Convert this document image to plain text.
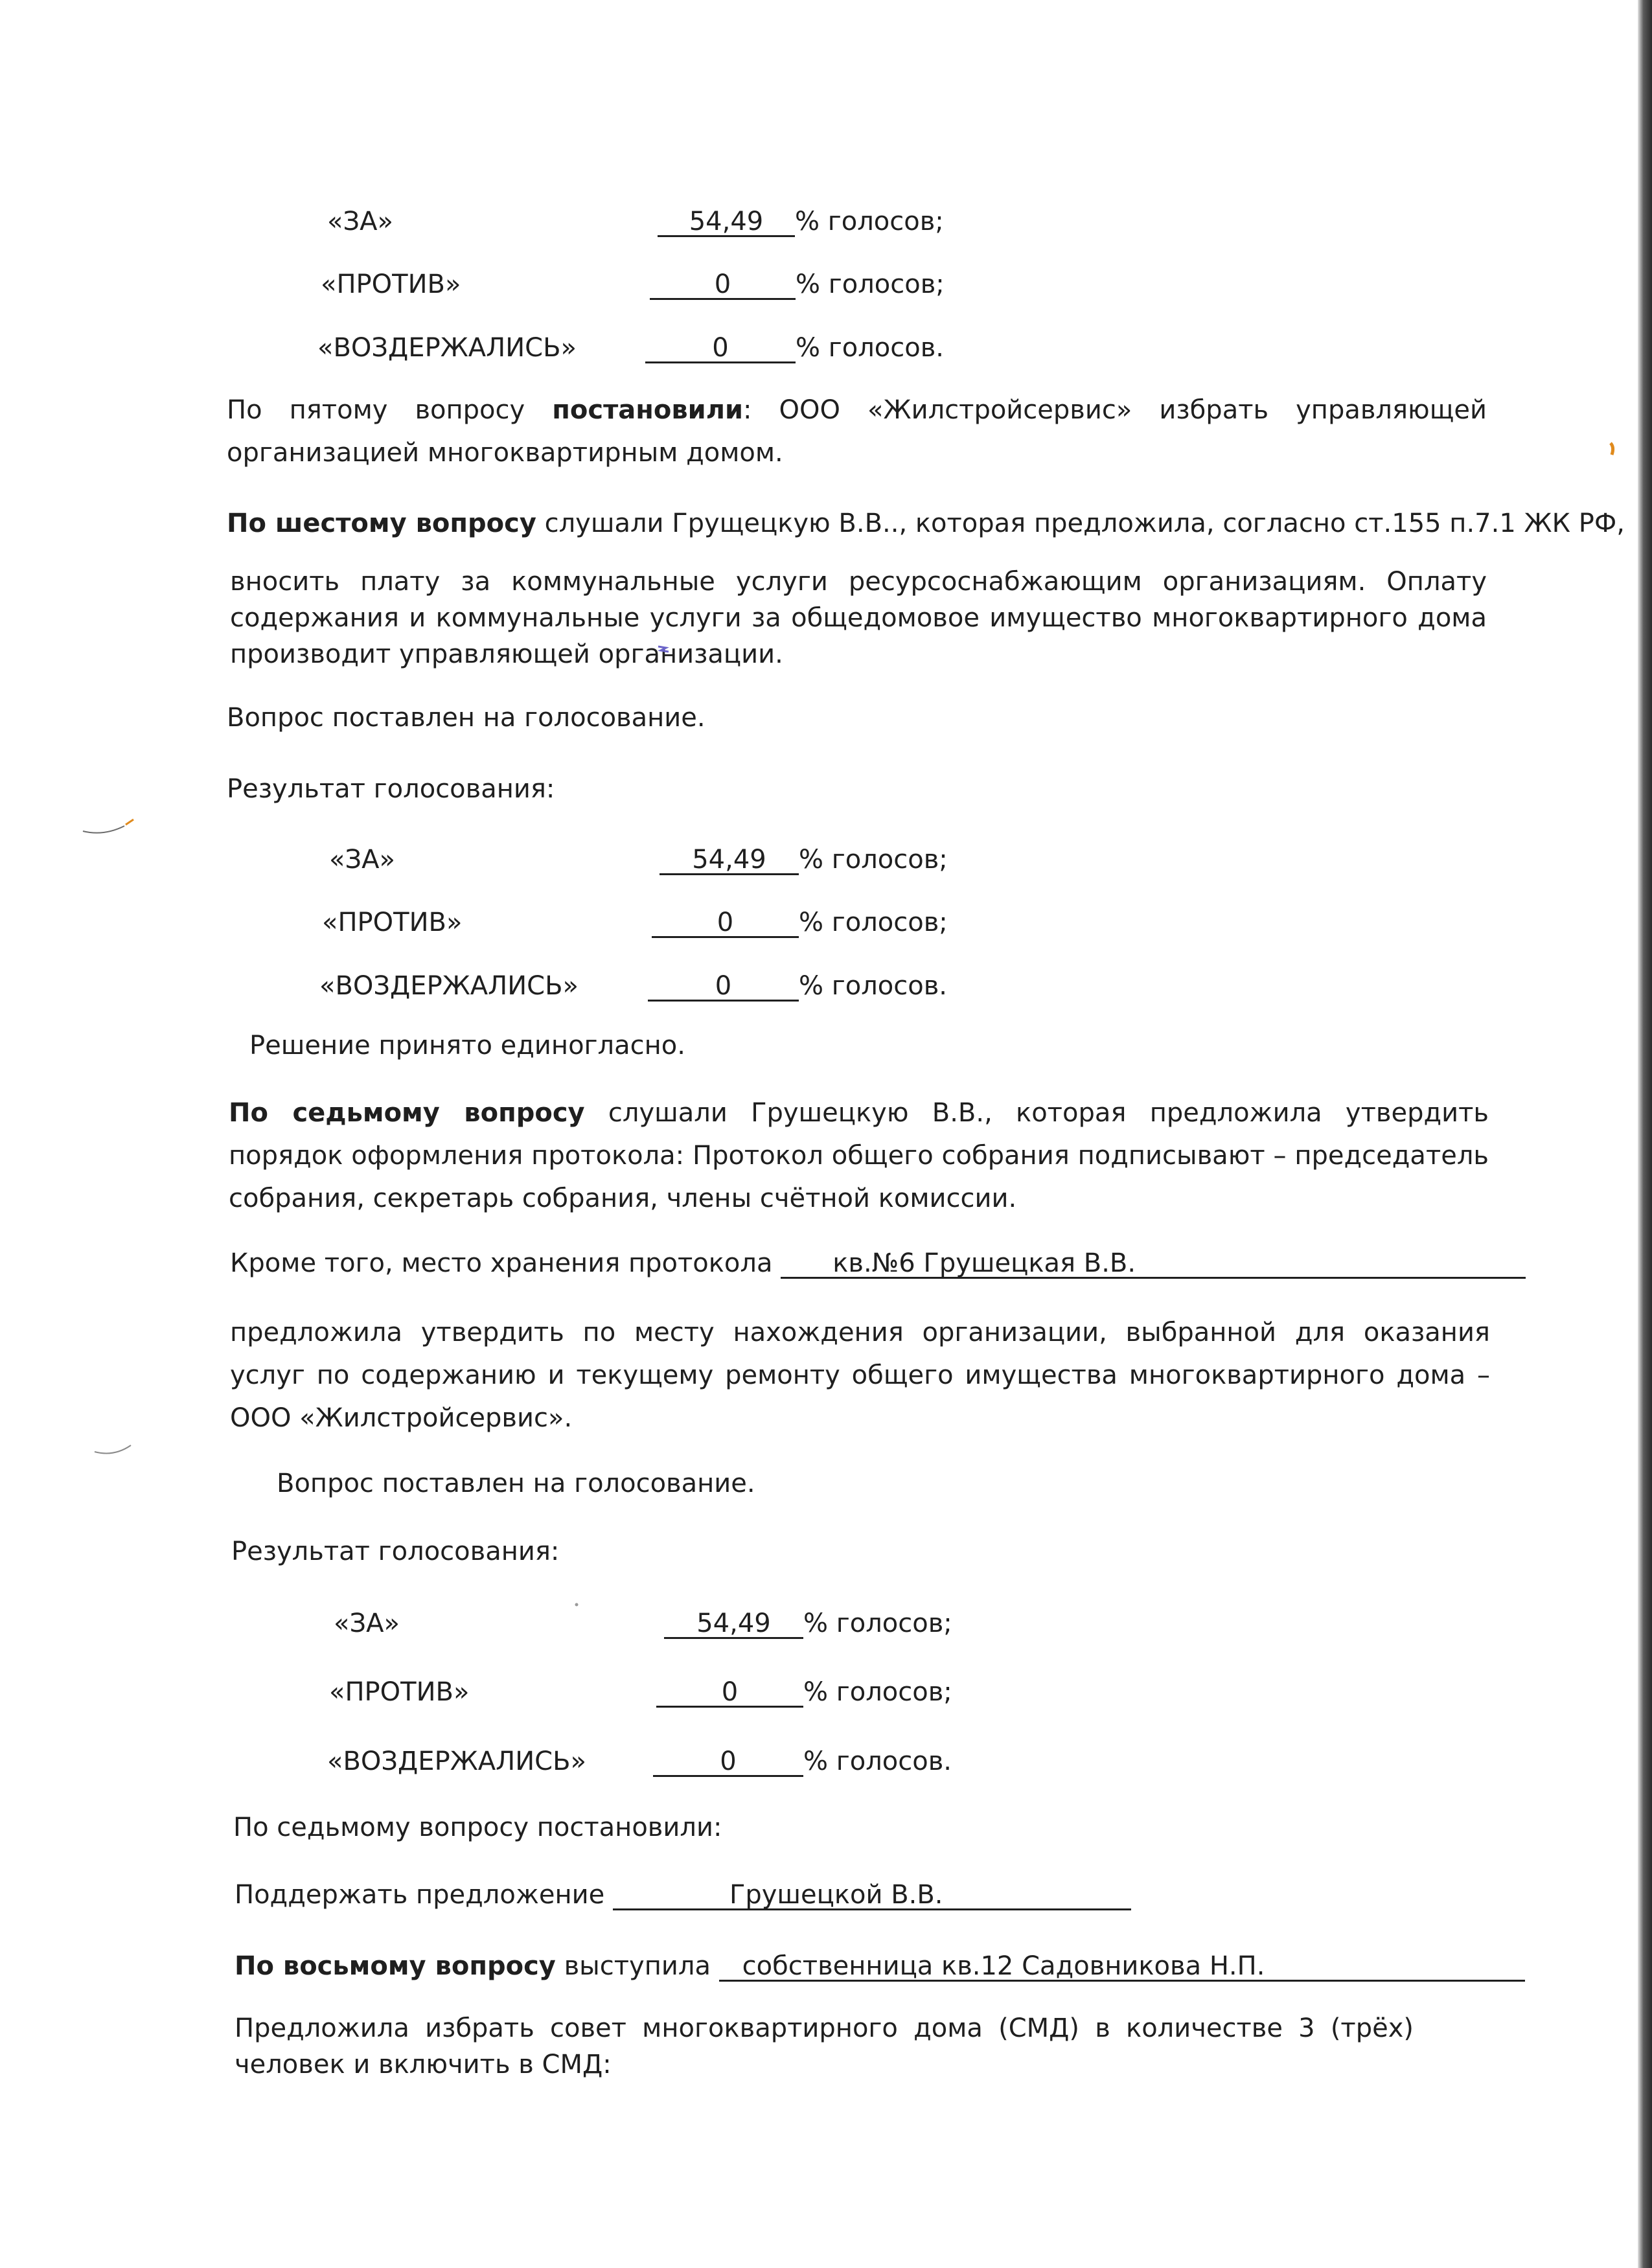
«ЗА»	54,49 % голосов;
«ПРОТИВ»	0 % голосов;
«ВОЗДЕРЖАЛИСЬ»	0	% голосов.

По пятому вопросу постановили: ООО «Жилстройсервис» избрать управляющей организацией многоквартирным домом.

По шестому вопросу слушали Грущецкую В.В.., которая предложила, согласно ст.155 п.7.1 ЖК РФ,

вносить плату за коммунальные услуги ресурсоснабжающим организациям. Оплату содержания и коммунальные услуги за общедомовое имущество многоквартирного дома производит управляющей организации.

Вопрос поставлен на голосование.
Результат голосования:
«ЗА»	54,49 % голосов;
«ПРОТИВ»	0	% голосов;
«ВОЗДЕРЖАЛИСЬ»	0	% голосов.
Решение принято единогласно.

По седьмому вопросу слушали Грушецкую В.В., которая предложила утвердить порядок оформления протокола: Протокол общего собрания подписывают – председатель собрания, секретарь собрания, члены счётной комиссии.

Кроме того, место хранения протокола кв.№6 Грушецкая В.В.

предложила утвердить по месту нахождения организации, выбранной для оказания услуг по содержанию и текущему ремонту общего имущества многоквартирного дома – ООО «Жилстройсервис».

Вопрос поставлен на голосование.
Результат голосования:
«ЗА»	54,49 % голосов;
«ПРОТИВ»	0	% голосов;
«ВОЗДЕРЖАЛИСЬ»	0	% голосов.
По седьмому вопросу постановили:
Поддержать предложение	Грушецкой В.В.
По восьмому вопросу выступила собственница кв.12 Садовникова Н.П.

Предложила избрать совет многоквартирного дома (СМД) в количестве 3 (трёх) человек и включить в СМД:
